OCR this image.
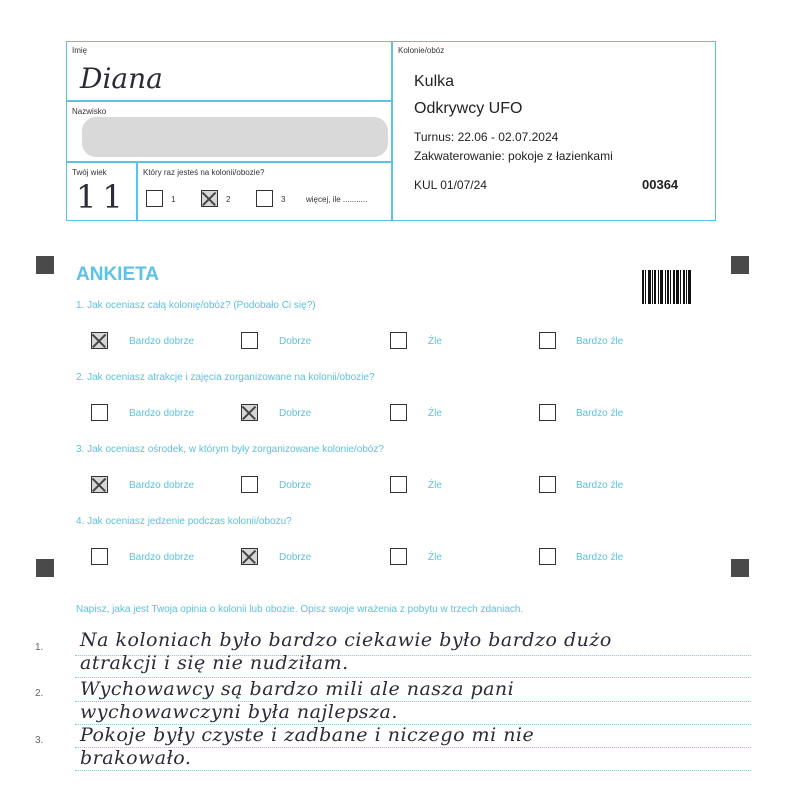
Imię
Diana
Nazwisko
Twój wiek
11
Który raz jesteś na kolonii/obozie?
1	2	3	więcej, ile ...........
Kolonie/obóz
Kulka
Odkrywcy UFO
Turnus: 22.06 - 02.07.2024
Zakwaterowanie: pokoje z łazienkami
KUL 01/07/24	00364
ANKIETA
1. Jak oceniasz całą kolonię/obóz? (Podobało Ci się?)
2. Jak oceniasz atrakcje i zajęcia zorganizowane na kolonii/obozie?
3. Jak oceniasz ośrodek, w którym były zorganizowane kolonie/obóz?
4. Jak oceniasz jedzenie podczas kolonii/obozu?
Bardzo dobrze	Dobrze	Źle	Bardzo źle
Bardzo dobrze	Dobrze	Źle	Bardzo źle
Bardzo dobrze	Dobrze	Źle	Bardzo źle
Bardzo dobrze	Dobrze	Źle	Bardzo źle
Napisz, jaka jest Twoja opinia o kolonii lub obozie. Opisz swoje wrażenia z pobytu w trzech zdaniach.
1.
2.
3.
Na koloniach było bardzo ciekawie było bardzo dużo
atrakcji i się nie nudziłam.
Wychowawcy są bardzo mili ale nasza pani
wychowawczyni była najlepsza.
Pokoje były czyste i zadbane i niczego mi nie
brakowało.
